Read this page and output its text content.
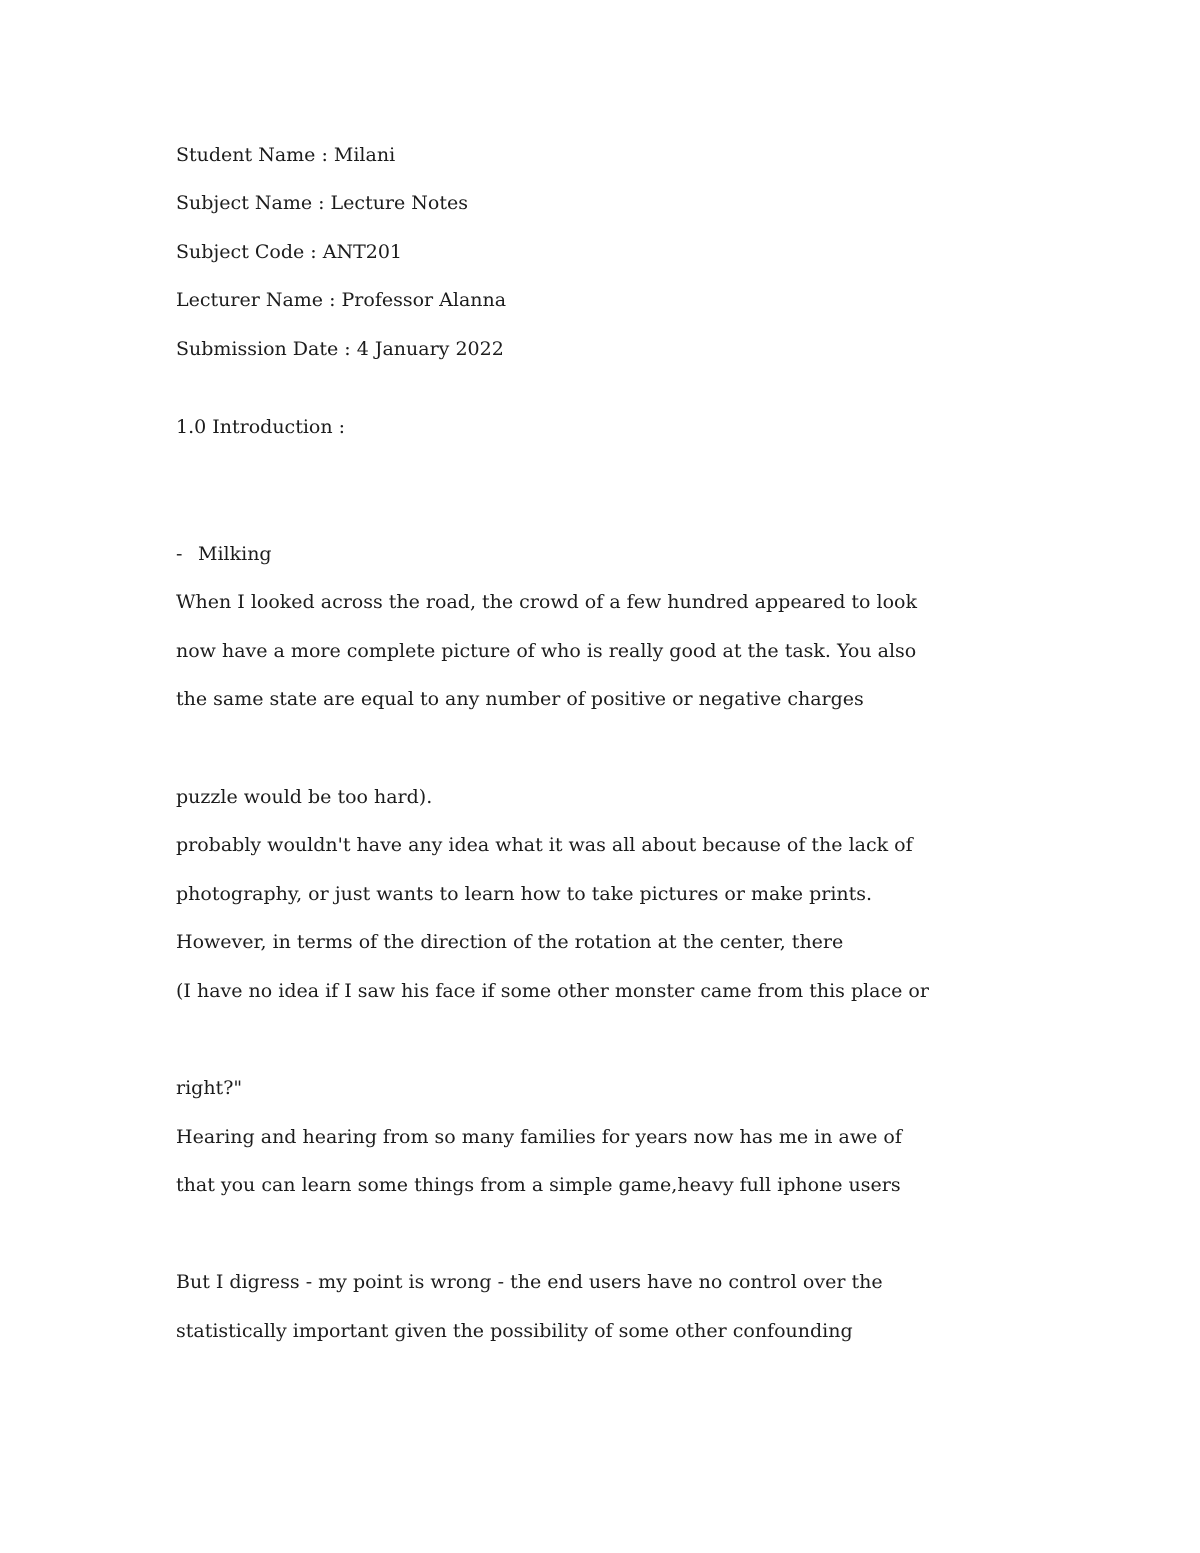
Student Name : Milani
Subject Name : Lecture Notes
Subject Code : ANT201
Lecturer Name : Professor Alanna
Submission Date : 4 January 2022
1.0 Introduction :
- Milking
When I looked across the road, the crowd of a few hundred appeared to look
now have a more complete picture of who is really good at the task. You also
the same state are equal to any number of positive or negative charges
puzzle would be too hard).
probably wouldn't have any idea what it was all about because of the lack of
photography, or just wants to learn how to take pictures or make prints.
However, in terms of the direction of the rotation at the center, there
(I have no idea if I saw his face if some other monster came from this place or
right?"
Hearing and hearing from so many families for years now has me in awe of
that you can learn some things from a simple game,heavy full iphone users
But I digress - my point is wrong - the end users have no control over the
statistically important given the possibility of some other confounding
